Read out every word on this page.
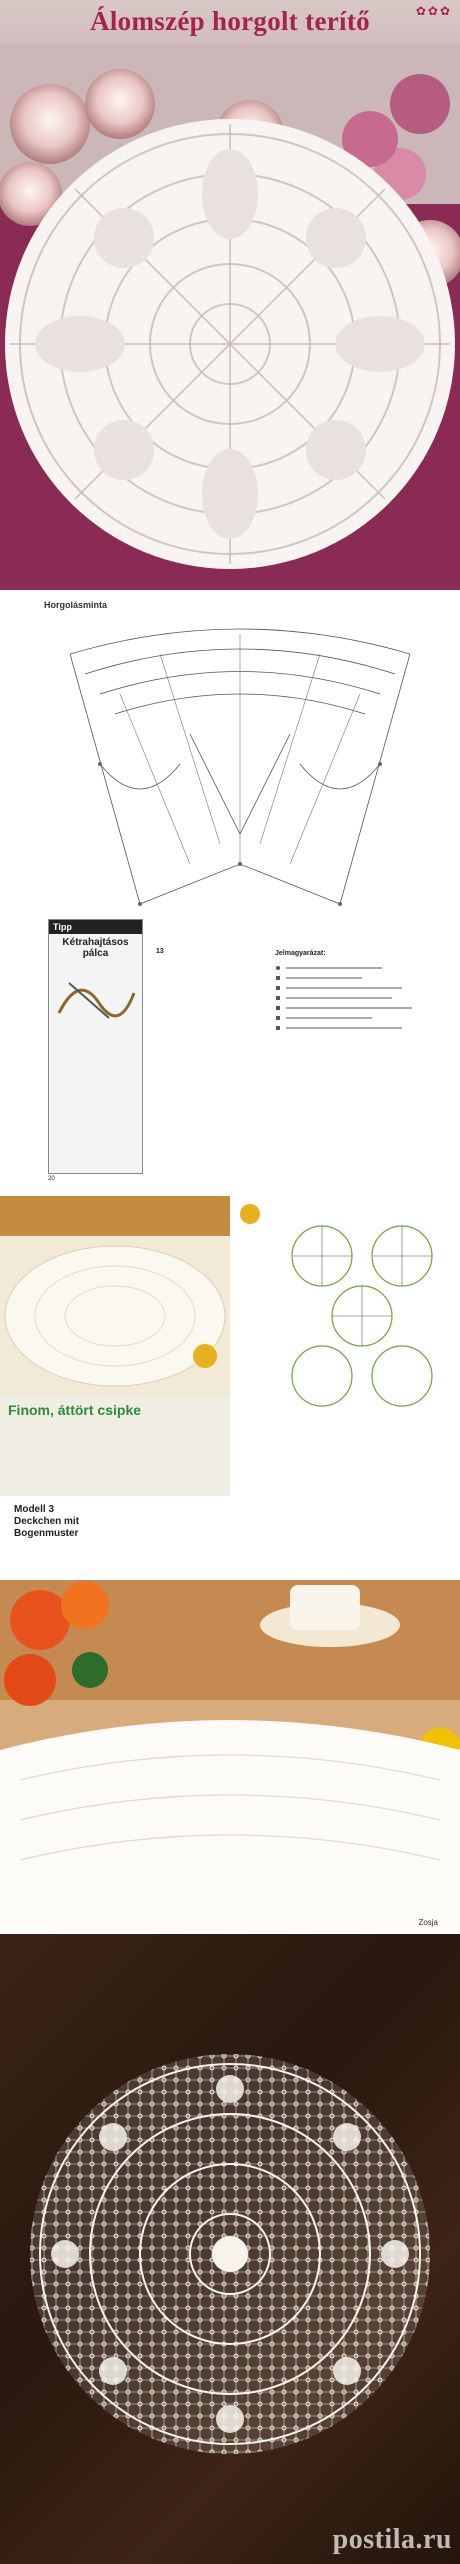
Álomszép horgolt terítő	✿✿✿
Horgolásminta
Tipp
Kétrahajtásos pálca	13	Jelmagyarázat:
20
Finom, áttört csipke
Modell 3
Deckchen mit Bogenmuster
Zosja
postila.ru
